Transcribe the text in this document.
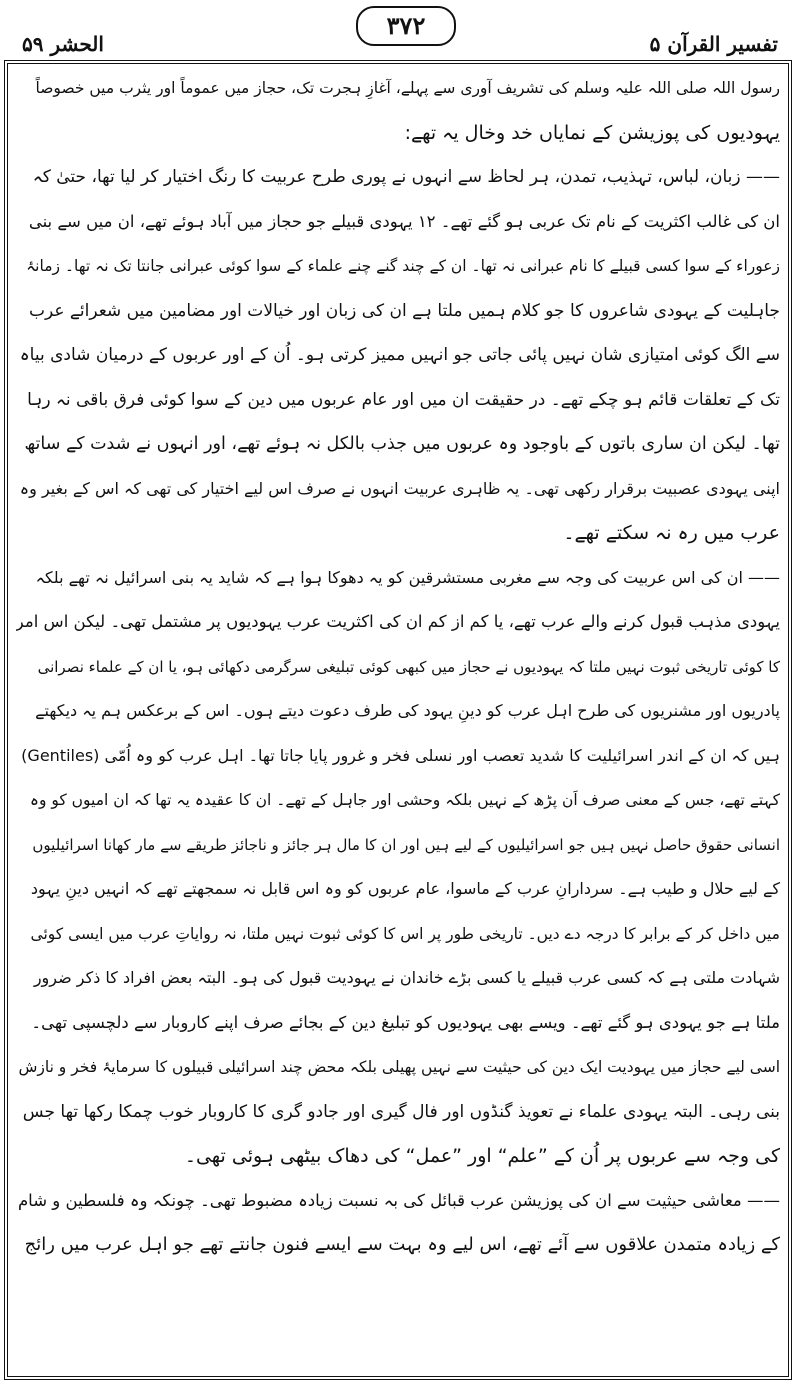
تفسیر القرآن ۵
۳۷۲
الحشر ۵۹
رسول اللہ صلی اللہ علیہ وسلم کی تشریف آوری سے پہلے، آغازِ ہجرت تک، حجاز میں عموماً اور یثرب میں خصوصاً
یہودیوں کی پوزیشن کے نمایاں خد وخال یہ تھے:
—— زبان، لباس، تہذیب، تمدن، ہر لحاظ سے انہوں نے پوری طرح عربیت کا رنگ اختیار کر لیا تھا، حتیٰ کہ
ان کی غالب اکثریت کے نام تک عربی ہو گئے تھے۔ ۱۲ یہودی قبیلے جو حجاز میں آباد ہوئے تھے، ان میں سے بنی
زعوراء کے سوا کسی قبیلے کا نام عبرانی نہ تھا۔ ان کے چند گنے چنے علماء کے سوا کوئی عبرانی جانتا تک نہ تھا۔ زمانۂ
جاہلیت کے یہودی شاعروں کا جو کلام ہمیں ملتا ہے ان کی زبان اور خیالات اور مضامین میں شعرائے عرب
سے الگ کوئی امتیازی شان نہیں پائی جاتی جو انہیں ممیز کرتی ہو۔ اُن کے اور عربوں کے درمیان شادی بیاہ
تک کے تعلقات قائم ہو چکے تھے۔ در حقیقت ان میں اور عام عربوں میں دین کے سوا کوئی فرق باقی نہ رہا
تھا۔ لیکن ان ساری باتوں کے باوجود وہ عربوں میں جذب بالکل نہ ہوئے تھے، اور انہوں نے شدت کے ساتھ
اپنی یہودی عصبیت برقرار رکھی تھی۔ یہ ظاہری عربیت انہوں نے صرف اس لیے اختیار کی تھی کہ اس کے بغیر وہ
عرب میں رہ نہ سکتے تھے۔
—— ان کی اس عربیت کی وجہ سے مغربی مستشرقین کو یہ دھوکا ہوا ہے کہ شاید یہ بنی اسرائیل نہ تھے بلکہ
یہودی مذہب قبول کرنے والے عرب تھے، یا کم از کم ان کی اکثریت عرب یہودیوں پر مشتمل تھی۔ لیکن اس امر
کا کوئی تاریخی ثبوت نہیں ملتا کہ یہودیوں نے حجاز میں کبھی کوئی تبلیغی سرگرمی دکھائی ہو، یا ان کے علماء نصرانی
پادریوں اور مشنریوں کی طرح اہل عرب کو دینِ یہود کی طرف دعوت دیتے ہوں۔ اس کے برعکس ہم یہ دیکھتے
ہیں کہ ان کے اندر اسرائیلیت کا شدید تعصب اور نسلی فخر و غرور پایا جاتا تھا۔ اہل عرب کو وہ اُمّی (Gentiles)
کہتے تھے، جس کے معنی صرف اَن پڑھ کے نہیں بلکہ وحشی اور جاہل کے تھے۔ ان کا عقیدہ یہ تھا کہ ان امیوں کو وہ
انسانی حقوق حاصل نہیں ہیں جو اسرائیلیوں کے لیے ہیں اور ان کا مال ہر جائز و ناجائز طریقے سے مار کھانا اسرائیلیوں
کے لیے حلال و طیب ہے۔ سردارانِ عرب کے ماسوا، عام عربوں کو وہ اس قابل نہ سمجھتے تھے کہ انہیں دینِ یہود
میں داخل کر کے برابر کا درجہ دے دیں۔ تاریخی طور پر اس کا کوئی ثبوت نہیں ملتا، نہ روایاتِ عرب میں ایسی کوئی
شہادت ملتی ہے کہ کسی عرب قبیلے یا کسی بڑے خاندان نے یہودیت قبول کی ہو۔ البتہ بعض افراد کا ذکر ضرور
ملتا ہے جو یہودی ہو گئے تھے۔ ویسے بھی یہودیوں کو تبلیغ دین کے بجائے صرف اپنے کاروبار سے دلچسپی تھی۔
اسی لیے حجاز میں یہودیت ایک دین کی حیثیت سے نہیں پھیلی بلکہ محض چند اسرائیلی قبیلوں کا سرمایۂ فخر و نازش
بنی رہی۔ البتہ یہودی علماء نے تعویذ گنڈوں اور فال گیری اور جادو گری کا کاروبار خوب چمکا رکھا تھا جس
کی وجہ سے عربوں پر اُن کے ”علم“ اور ”عمل“ کی دھاک بیٹھی ہوئی تھی۔
—— معاشی حیثیت سے ان کی پوزیشن عرب قبائل کی بہ نسبت زیادہ مضبوط تھی۔ چونکہ وہ فلسطین و شام
کے زیادہ متمدن علاقوں سے آئے تھے، اس لیے وہ بہت سے ایسے فنون جانتے تھے جو اہل عرب میں رائج
